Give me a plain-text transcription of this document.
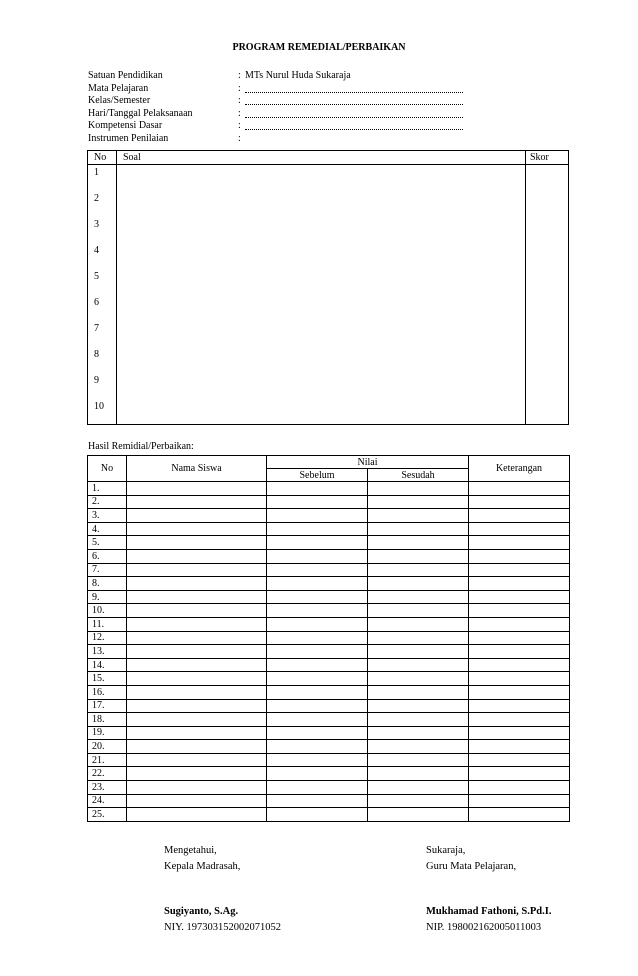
PROGRAM REMEDIAL/PERBAIKAN
Satuan Pendidikan	: MTs Nurul Huda Sukaraja
Mata Pelajaran	:
Kelas/Semester	:
Hari/Tanggal Pelaksanaan	:
Kompetensi Dasar	:
Instrumen Penilaian	:
No Soal	Skor
1
2
3
4
5
6
7
8
9
10
Hasil Remidial/Perbaikan:
No	Nama Siswa	Nilai		Keterangan
		Sebelum	Sesudah	
1.				
2.				
3.				
4.				
5.				
6.				
7.				
8.				
9.				
10.				
11.				
12.				
13.				
14.				
15.				
16.				
17.				
18.				
19.				
20.				
21.				
22.				
23.				
24.				
25.				
Mengetahui,
Kepala Madrasah,
Sugiyanto, S.Ag.
NIY. 197303152002071052
Sukaraja,
Guru Mata Pelajaran,
Mukhamad Fathoni, S.Pd.I.
NIP. 198002162005011003
